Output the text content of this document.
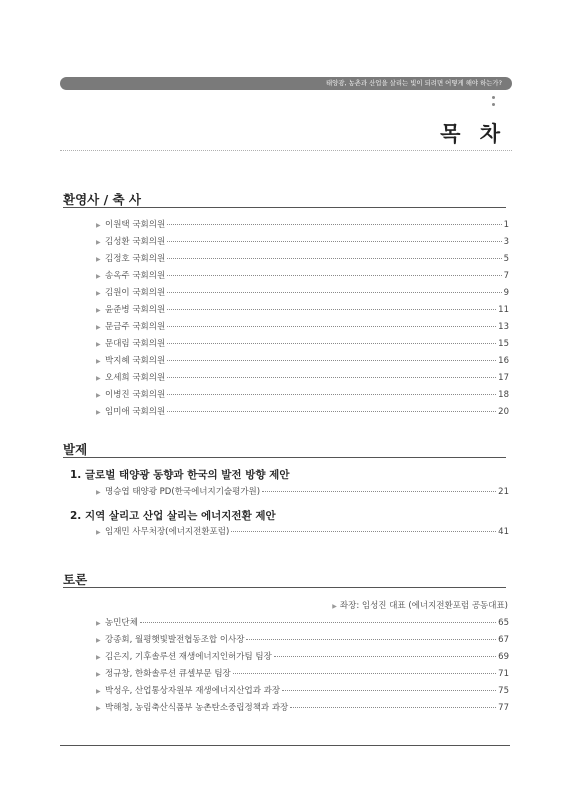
태양광, 농촌과 산업을 살리는 빛이 되려면 어떻게 해야 하는가?
목 차
환영사 / 축 사
▶ 이원택 국회의원	1
▶ 김성환 국회의원	3
▶ 김정호 국회의원	5
▶ 송옥주 국회의원	7
▶ 김원이 국회의원	9
▶ 윤준병 국회의원	11
▶ 문금주 국회의원	13
▶ 문대림 국회의원	15
▶ 박지혜 국회의원	16
▶ 오세희 국회의원	17
▶ 이병진 국회의원	18
▶ 임미애 국회의원	20
발제
1. 글로벌 태양광 동향과 한국의 발전 방향 제안
▶ 명승엽 태양광 PD(한국에너지기술평가원)	21
2. 지역 살리고 산업 살리는 에너지전환 제안
▶ 임재민 사무처장(에너지전환포럼)	41
토론
▶ 좌장: 임성진 대표 (에너지전환포럼 공동대표)
▶ 농민단체	65
▶ 강종회, 월평햇빛발전협동조합 이사장	67
▶ 김은지, 기후솔루션 재생에너지인허가팀 팀장	69
▶ 정규창, 한화솔루션 큐셀부문 팀장	71
▶ 박성우, 산업통상자원부 재생에너지산업과 과장	75
▶ 박해청, 농림축산식품부 농촌탄소중립정책과 과장	77
